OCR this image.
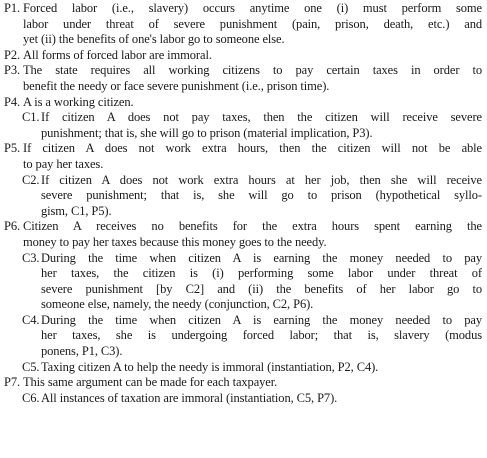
P1. Forced labor (i.e., slavery) occurs anytime one (i) must perform some
labor under threat of severe punishment (pain, prison, death, etc.) and
yet (ii) the benefits of one's labor go to someone else.
P2. All forms of forced labor are immoral.
P3. The state requires all working citizens to pay certain taxes in order to
benefit the needy or face severe punishment (i.e., prison time).
P4. A is a working citizen.
C1. If citizen A does not pay taxes, then the citizen will receive severe
punishment; that is, she will go to prison (material implication, P3).
P5. If citizen A does not work extra hours, then the citizen will not be able
to pay her taxes.
C2. If citizen A does not work extra hours at her job, then she will receive
severe punishment; that is, she will go to prison (hypothetical syllo-
gism, C1, P5).
P6. Citizen A receives no benefits for the extra hours spent earning the
money to pay her taxes because this money goes to the needy.
C3. During the time when citizen A is earning the money needed to pay
her taxes, the citizen is (i) performing some labor under threat of
severe punishment [by C2] and (ii) the benefits of her labor go to
someone else, namely, the needy (conjunction, C2, P6).
C4. During the time when citizen A is earning the money needed to pay
her taxes, she is undergoing forced labor; that is, slavery (modus
ponens, P1, C3).
C5. Taxing citizen A to help the needy is immoral (instantiation, P2, C4).
P7. This same argument can be made for each taxpayer.
C6. All instances of taxation are immoral (instantiation, C5, P7).
